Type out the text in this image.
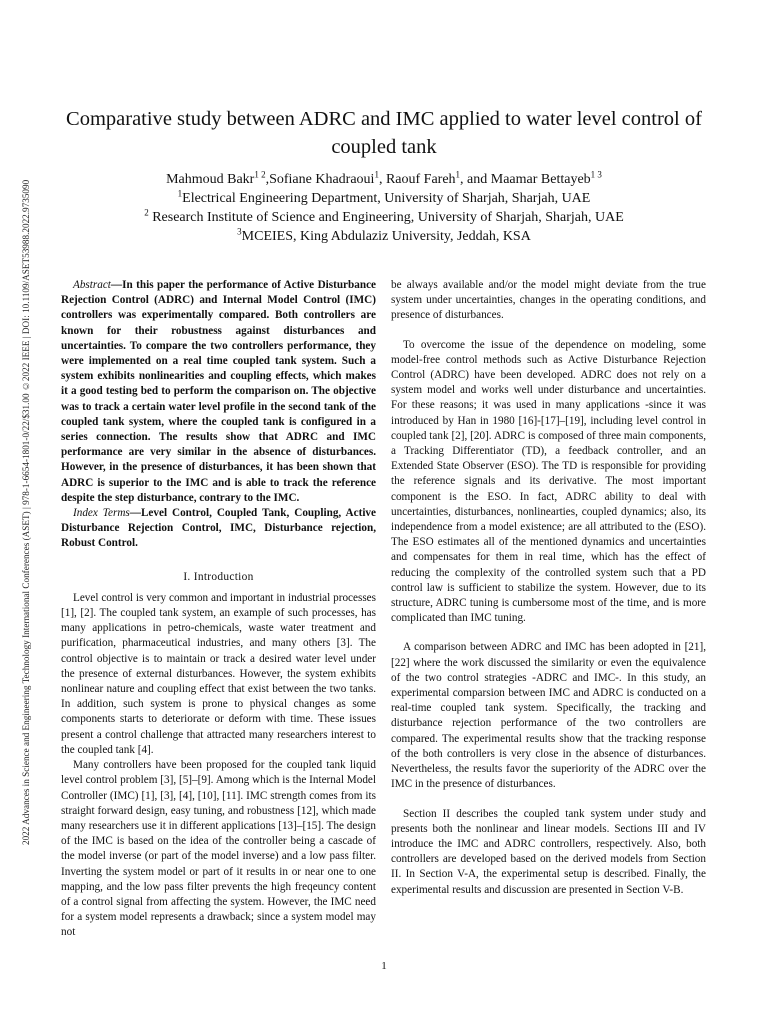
2022 Advances in Science and Engineering Technology International Conferences (ASET) | 978-1-6654-1801-0/22/$31.00 ©2022 IEEE | DOI: 10.1109/ASET53988.2022.9735090
Comparative study between ADRC and IMC applied to water level control of coupled tank
Mahmoud Bakr$^{1 2}$,Sofiane Khadraoui$^1$, Raouf Fareh$^1$, and Maamar Bettayeb$^{1 3}$
$^1$Electrical Engineering Department, University of Sharjah, Sharjah, UAE
$^2$ Research Institute of Science and Engineering, University of Sharjah, Sharjah, UAE
$^3$MCEIES, King Abdulaziz University, Jeddah, KSA

Abstract—In this paper the performance of Active Disturbance Rejection Control (ADRC) and Internal Model Control (IMC) controllers was experimentally compared. Both controllers are known for their robustness against disturbances and uncertainties. To compare the two controllers performance, they were implemented on a real time coupled tank system. Such a system exhibits nonlinearities and coupling effects, which makes it a good testing bed to perform the comparison on. The objective was to track a certain water level profile in the second tank of the coupled tank system, where the coupled tank is configured in a series connection. The results show that ADRC and IMC performance are very similar in the absence of disturbances. However, in the presence of disturbances, it has been shown that ADRC is superior to the IMC and is able to track the reference despite the step disturbance, contrary to the IMC.

Index Terms—Level Control, Coupled Tank, Coupling, Active Disturbance Rejection Control, IMC, Disturbance rejection, Robust Control.

I. Introduction

Level control is very common and important in industrial processes [1], [2]. The coupled tank system, an example of such processes, has many applications in petro-chemicals, waste water treatment and purification, pharmaceutical industries, and many others [3]. The control objective is to maintain or track a desired water level under the presence of external disturbances. However, the system exhibits nonlinear nature and coupling effect that exist between the two tanks. In addition, such system is prone to physical changes as some components starts to deteriorate or deform with time. These issues present a control challenge that attracted many researchers interest to the coupled tank [4].

Many controllers have been proposed for the coupled tank liquid level control problem [3], [5]–[9]. Among which is the Internal Model Controller (IMC) [1], [3], [4], [10], [11]. IMC strength comes from its straight forward design, easy tuning, and robustness [12], which made many researchers use it in different applications [13]–[15]. The design of the IMC is based on the idea of the controller being a cascade of the model inverse (or part of the model inverse) and a low pass filter. Inverting the system model or part of it results in or near one to one mapping, and the low pass filter prevents the high freqeuncy content of a control signal from affecting the system. However, the IMC need for a system model represents a drawback; since a system model may not

be always available and/or the model might deviate from the true system under uncertainties, changes in the operating conditions, and presence of disturbances.

To overcome the issue of the dependence on modeling, some model-free control methods such as Active Disturbance Rejection Control (ADRC) have been developed. ADRC does not rely on a system model and works well under disturbance and uncertainties. For these reasons; it was used in many applications -since it was introduced by Han in 1980 [16]-[17]–[19], including level control in coupled tank [2], [20]. ADRC is composed of three main components, a Tracking Differentiator (TD), a feedback controller, and an Extended State Observer (ESO). The TD is responsible for providing the reference signals and its derivative. The most important component is the ESO. In fact, ADRC ability to deal with uncertainties, disturbances, nonlinearties, coupled dynamics; also, its independence from a model existence; are all attributed to the (ESO). The ESO estimates all of the mentioned dynamics and uncertainties and compensates for them in real time, which has the effect of reducing the complexity of the controlled system such that a PD control law is sufficient to stabilize the system. However, due to its structure, ADRC tuning is cumbersome most of the time, and is more complicated than IMC tuning.

A comparison between ADRC and IMC has been adopted in [21], [22] where the work discussed the similarity or even the equivalence of the two control strategies -ADRC and IMC-. In this study, an experimental comparsion between IMC and ADRC is conducted on a real-time coupled tank system. Specifically, the tracking and disturbance rejection performance of the two controllers are compared. The experimental results show that the tracking response of the both controllers is very close in the absence of disturbances. Nevertheless, the results favor the superiority of the ADRC over the IMC in the presence of disturbances.

Section II describes the coupled tank system under study and presents both the nonlinear and linear models. Sections III and IV introduce the IMC and ADRC controllers, respectively. Also, both controllers are developed based on the derived models from Section II. In Section V-A, the experimental setup is described. Finally, the experimental results and discussion are presented in Section V-B.

1
